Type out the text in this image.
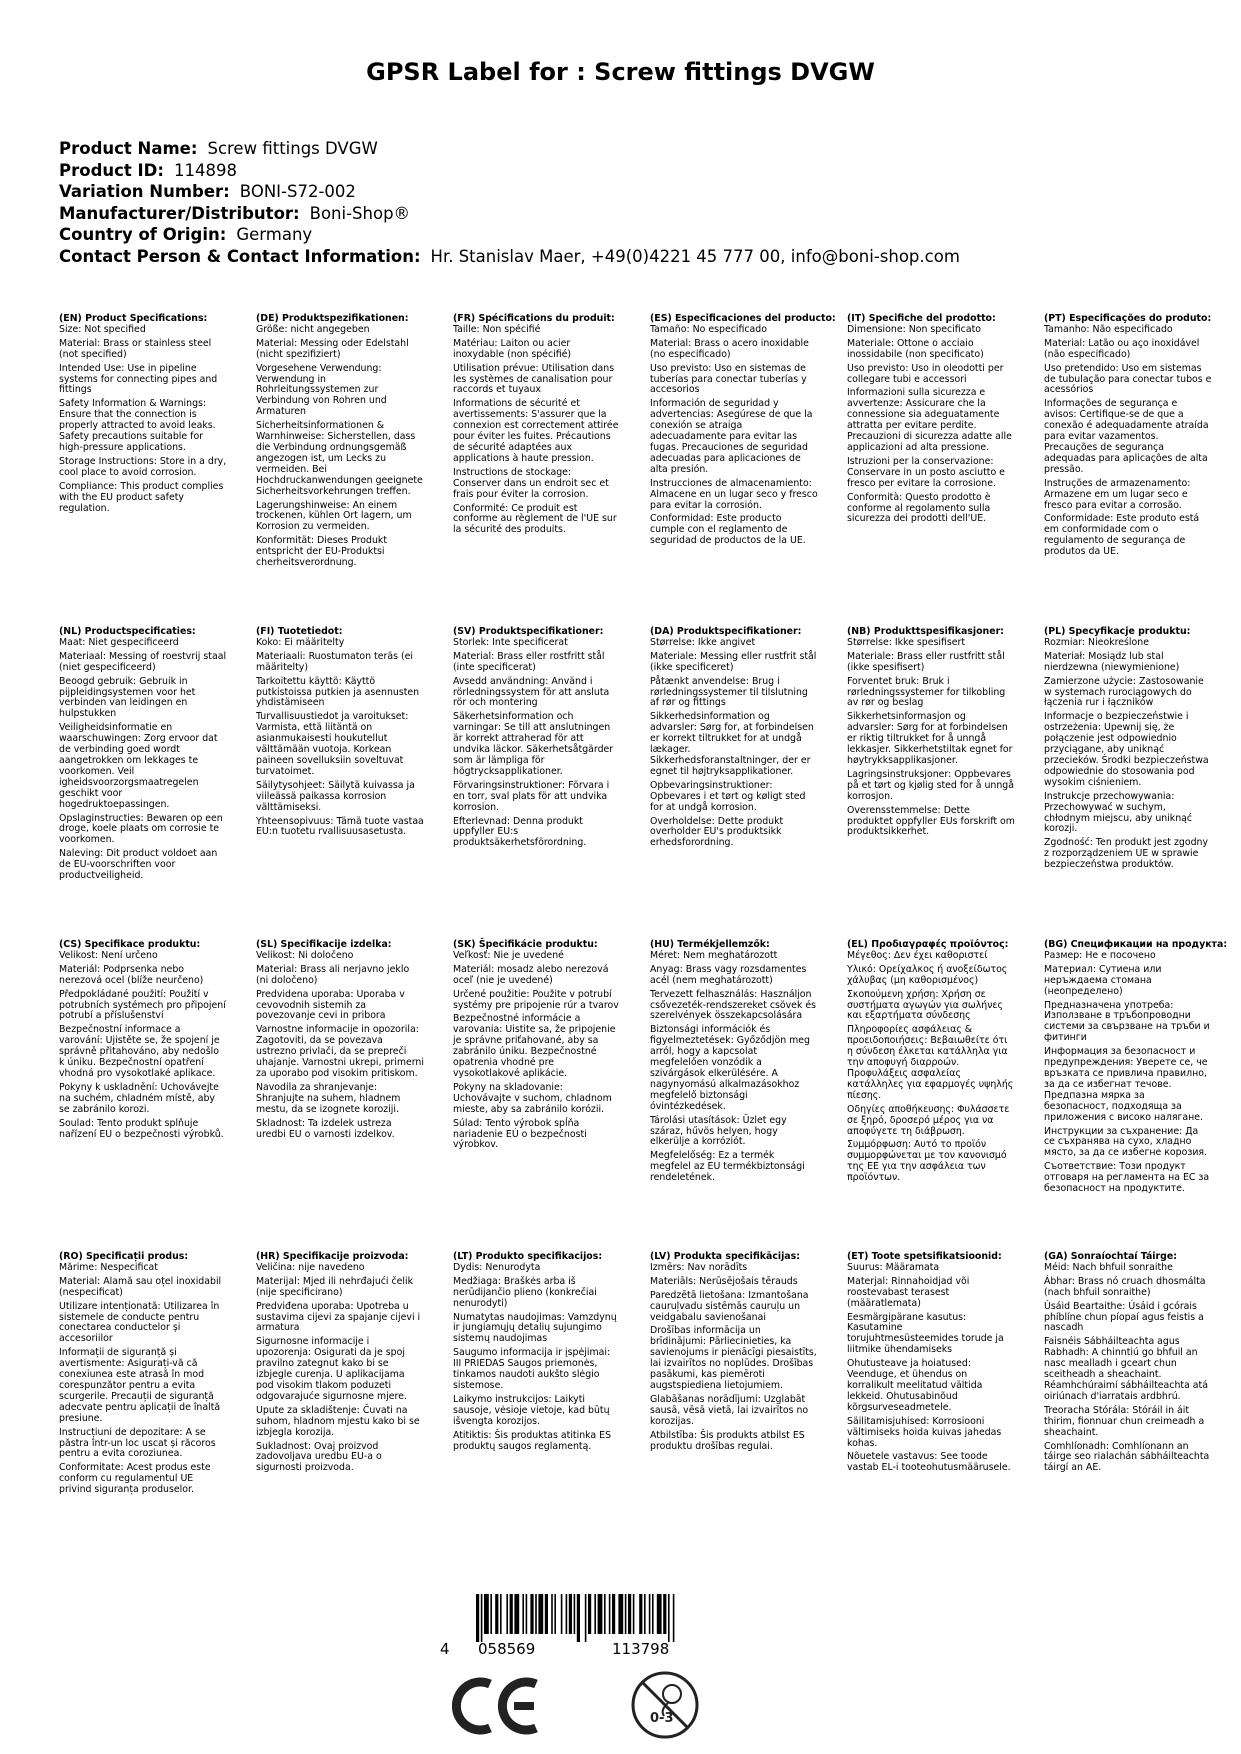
GPSR Label for : Screw fittings DVGW
Product Name: Screw fittings DVGW
Product ID: 114898
Variation Number: BONI-S72-002
Manufacturer/Distributor: Boni-Shop®
Country of Origin: Germany
Contact Person & Contact Information: Hr. Stanislav Maer, +49(0)4221 45 777 00, info@boni-shop.com
(EN) Product Specifications:

Size: Not specified

Material: Brass or stainless steel (not specified)

Intended Use: Use in pipeline systems for connecting pipes and fittings

Safety Information & Warnings: Ensure that the connection is properly attracted to avoid leaks. Safety precautions suitable for high-pressure applications.

Storage Instructions: Store in a dry, cool place to avoid corrosion.

Compliance: This product complies with the EU product safety regulation.

(DE) Produktspezifikationen:

Größe: nicht angegeben

Material: Messing oder Edelstahl (nicht spezifiziert)

Vorgesehene Verwendung: Verwendung in Rohrleitungssystemen zur Verbindung von Rohren und Armaturen

Sicherheitsinformationen & Warnhinweise: Sicherstellen, dass die Verbindung ordnungsgemäß angezogen ist, um Lecks zu vermeiden. Bei Hochdruckanwendungen geeignete Sicherheitsvorkehrungen treffen.

Lagerungshinweise: An einem trockenen, kühlen Ort lagern, um Korrosion zu vermeiden.

Konformität: Dieses Produkt entspricht der EU-Produktsi cherheitsverordnung.

(FR) Spécifications du produit:

Taille: Non spécifié

Matériau: Laiton ou acier inoxydable (non spécifié)

Utilisation prévue: Utilisation dans les systèmes de canalisation pour raccords et tuyaux

Informations de sécurité et avertissements: S'assurer que la connexion est correctement attirée pour éviter les fuites. Précautions de sécurité adaptées aux applications à haute pression.

Instructions de stockage: Conserver dans un endroit sec et frais pour éviter la corrosion.

Conformité: Ce produit est conforme au règlement de l'UE sur la sécurité des produits.

(ES) Especificaciones del producto:

Tamaño: No especificado

Material: Brass o acero inoxidable (no especificado)

Uso previsto: Uso en sistemas de tuberías para conectar tuberías y accesorios

Información de seguridad y advertencias: Asegúrese de que la conexión se atraiga adecuadamente para evitar las fugas. Precauciones de seguridad adecuadas para aplicaciones de alta presión.

Instrucciones de almacenamiento: Almacene en un lugar seco y fresco para evitar la corrosión.

Conformidad: Este producto cumple con el reglamento de seguridad de productos de la UE.

(IT) Specifiche del prodotto:

Dimensione: Non specificato

Materiale: Ottone o acciaio inossidabile (non specificato)

Uso previsto: Uso in oleodotti per collegare tubi e accessori

Informazioni sulla sicurezza e avvertenze: Assicurare che la connessione sia adeguatamente attratta per evitare perdite. Precauzioni di sicurezza adatte alle applicazioni ad alta pressione.

Istruzioni per la conservazione: Conservare in un posto asciutto e fresco per evitare la corrosione.

Conformità: Questo prodotto è conforme al regolamento sulla sicurezza dei prodotti dell'UE.

(PT) Especificações do produto:

Tamanho: Não especificado

Material: Latão ou aço inoxidável (não especificado)

Uso pretendido: Uso em sistemas de tubulação para conectar tubos e acessórios

Informações de segurança e avisos: Certifique-se de que a conexão é adequadamente atraída para evitar vazamentos. Precauções de segurança adequadas para aplicações de alta pressão.

Instruções de armazenamento: Armazene em um lugar seco e fresco para evitar a corrosão.

Conformidade: Este produto está em conformidade com o regulamento de segurança de produtos da UE.

(NL) Productspecificaties:

Maat: Niet gespecificeerd

Materiaal: Messing of roestvrij staal (niet gespecificeerd)

Beoogd gebruik: Gebruik in pijpleidingsystemen voor het verbinden van leidingen en hulpstukken

Veiligheidsinformatie en waarschuwingen: Zorg ervoor dat de verbinding goed wordt aangetrokken om lekkages te voorkomen. Veil igheidsvoorzorgsmaatregelen geschikt voor hogedruktoepassingen.

Opslaginstructies: Bewaren op een droge, koele plaats om corrosie te voorkomen.

Naleving: Dit product voldoet aan de EU-voorschriften voor productveiligheid.

(FI) Tuotetiedot:

Koko: Ei määritelty

Materiaali: Ruostumaton teräs (ei määritelty)

Tarkoitettu käyttö: Käyttö putkistoissa putkien ja asennusten yhdistämiseen

Turvallisuustiedot ja varoitukset: Varmista, että liitäntä on asianmukaisesti houkutellut välttämään vuotoja. Korkean paineen sovelluksiin soveltuvat turvatoimet.

Säilytysohjeet: Säilytä kuivassa ja viileässä paikassa korrosion välttämiseksi.

Yhteensopivuus: Tämä tuote vastaa EU:n tuotetu rvallisuusasetusta.

(SV) Produktspecifikationer:

Storlek: Inte specificerat

Material: Brass eller rostfritt stål (inte specificerat)

Avsedd användning: Använd i rörledningssystem för att ansluta rör och montering

Säkerhetsinformation och varningar: Se till att anslutningen är korrekt attraherad för att undvika läckor. Säkerhetsåtgärder som är lämpliga för högtrycksapplikationer.

Förvaringsinstruktioner: Förvara i en torr, sval plats för att undvika korrosion.

Efterlevnad: Denna produkt uppfyller EU:s produktsäkerhetsförordning.

(DA) Produktspecifikationer:

Størrelse: Ikke angivet

Materiale: Messing eller rustfrit stål (ikke specificeret)

Påtænkt anvendelse: Brug i rørledningssystemer til tilslutning af rør og fittings

Sikkerhedsinformation og advarsler: Sørg for, at forbindelsen er korrekt tiltrukket for at undgå lækager. Sikkerhedsforanstaltninger, der er egnet til højtryksapplikationer.

Opbevaringsinstruktioner: Opbevares i et tørt og køligt sted for at undgå korrosion.

Overholdelse: Dette produkt overholder EU's produktsikk erhedsforordning.

(NB) Produkttspesifikasjoner:

Størrelse: Ikke spesifisert

Materiale: Brass eller rustfritt stål (ikke spesifisert)

Forventet bruk: Bruk i rørledningssystemer for tilkobling av rør og beslag

Sikkerhetsinformasjon og advarsler: Sørg for at forbindelsen er riktig tiltrukket for å unngå lekkasjer. Sikkerhetstiltak egnet for høytrykksapplikasjoner.

Lagringsinstruksjoner: Oppbevares på et tørt og kjølig sted for å unngå korrosjon.

Overensstemmelse: Dette produktet oppfyller EUs forskrift om produktsikkerhet.

(PL) Specyfikacje produktu:

Rozmiar: Nieokreślone

Materiał: Mosiądz lub stal nierdzewna (niewymienione)

Zamierzone użycie: Zastosowanie w systemach rurociągowych do łączenia rur i łączników

Informacje o bezpieczeństwie i ostrzeżenia: Upewnij się, że połączenie jest odpowiednio przyciągane, aby uniknąć przecieków. Środki bezpieczeństwa odpowiednie do stosowania pod wysokim ciśnieniem.

Instrukcje przechowywania: Przechowywać w suchym, chłodnym miejscu, aby uniknąć korozji.

Zgodność: Ten produkt jest zgodny z rozporządzeniem UE w sprawie bezpieczeństwa produktów.

(CS) Specifikace produktu:

Velikost: Není určeno

Materiál: Podprsenka nebo nerezová ocel (blíže neurčeno)

Předpokládané použití: Použití v potrubních systémech pro připojení potrubí a příslušenství

Bezpečnostní informace a varování: Ujistěte se, že spojení je správně přitahováno, aby nedošlo k úniku. Bezpečnostní opatření vhodná pro vysokotlaké aplikace.

Pokyny k uskladnění: Uchovávejte na suchém, chladném místě, aby se zabránilo korozi.

Soulad: Tento produkt splňuje nařízení EU o bezpečnosti výrobků.

(SL) Specifikacije izdelka:

Velikost: Ni določeno

Material: Brass ali nerjavno jeklo (ni določeno)

Predvidena uporaba: Uporaba v cevovodnih sistemih za povezovanje cevi in pribora

Varnostne informacije in opozorila: Zagotoviti, da se povezava ustrezno privlači, da se prepreči uhajanje. Varnostni ukrepi, primerni za uporabo pod visokim pritiskom.

Navodila za shranjevanje: Shranjujte na suhem, hladnem mestu, da se izognete koroziji.

Skladnost: Ta izdelek ustreza uredbi EU o varnosti izdelkov.

(SK) Špecifikácie produktu:

Veľkosť: Nie je uvedené

Materiál: mosadz alebo nerezová oceľ (nie je uvedené)

Určené použitie: Použite v potrubí systémy pre pripojenie rúr a tvarov

Bezpečnostné informácie a varovania: Uistite sa, že pripojenie je správne priťahované, aby sa zabránilo úniku. Bezpečnostné opatrenia vhodné pre vysokotlakové aplikácie.

Pokyny na skladovanie: Uchovávajte v suchom, chladnom mieste, aby sa zabránilo korózii.

Súlad: Tento výrobok spĺňa nariadenie EÚ o bezpečnosti výrobkov.

(HU) Termékjellemzők:

Méret: Nem meghatározott

Anyag: Brass vagy rozsdamentes acél (nem meghatározott)

Tervezett felhasználás: Használjon csővezeték-rendszereket csövek és szerelvények összekapcsolására

Biztonsági információk és figyelmeztetések: Győződjön meg arról, hogy a kapcsolat megfelelően vonzódik a szivárgások elkerülésére. A nagynyomású alkalmazásokhoz megfelelő biztonsági óvintézkedések.

Tárolási utasítások: Üzlet egy száraz, hűvös helyen, hogy elkerülje a korróziót.

Megfelelőség: Ez a termék megfelel az EU termékbiztonsági rendeletének.

(EL) Προδιαγραφές προϊόντος:

Μέγεθος: Δεν έχει καθοριστεί

Υλικό: Ορείχαλκος ή ανοξείδωτος χάλυβας (μη καθορισμένος)

Σκοπούμενη χρήση: Χρήση σε συστήματα αγωγών για σωλήνες και εξαρτήματα σύνδεσης

Πληροφορίες ασφάλειας & προειδοποιήσεις: Βεβαιωθείτε ότι η σύνδεση έλκεται κατάλληλα για την αποφυγή διαρροών. Προφυλάξεις ασφαλείας κατάλληλες για εφαρμογές υψηλής πίεσης.

Οδηγίες αποθήκευσης: Φυλάσσετε σε ξηρό, δροσερό μέρος για να αποφύγετε τη διάβρωση.

Συμμόρφωση: Αυτό το προϊόν συμμορφώνεται με τον κανονισμό της ΕΕ για την ασφάλεια των προϊόντων.

(BG) Спецификации на продукта:

Размер: Не е посочено

Материал: Сутиена или неръждаема стомана (неопределено)

Предназначена употреба: Използване в тръбопроводни системи за свързване на тръби и фитинги

Информация за безопасност и предупреждения: Уверете се, че връзката се привлича правилно, за да се избегнат течове. Предпазна мярка за безопасност, подходяща за приложения с високо налягане.

Инструкции за съхранение: Да се съхранява на сухо, хладно място, за да се избегне корозия.

Съответствие: Този продукт отговаря на регламента на ЕС за безопасност на продуктите.

(RO) Specificații produs:

Mărime: Nespecificat

Material: Alamă sau oțel inoxidabil (nespecificat)

Utilizare intenționată: Utilizarea în sistemele de conducte pentru conectarea conductelor și accesoriilor

Informații de siguranță și avertismente: Asigurați-vă că conexiunea este atrasă în mod corespunzător pentru a evita scurgerile. Precauții de siguranță adecvate pentru aplicații de înaltă presiune.

Instrucțiuni de depozitare: A se păstra într-un loc uscat și răcoros pentru a evita coroziunea.

Conformitate: Acest produs este conform cu regulamentul UE privind siguranța produselor.

(HR) Specifikacije proizvoda:

Veličina: nije navedeno

Materijal: Mjed ili nehrđajući čelik (nije specificirano)

Predviđena uporaba: Upotreba u sustavima cijevi za spajanje cijevi i armatura

Sigurnosne informacije i upozorenja: Osigurati da je spoj pravilno zategnut kako bi se izbjegle curenja. U aplikacijama pod visokim tlakom poduzeti odgovarajuće sigurnosne mjere.

Upute za skladištenje: Čuvati na suhom, hladnom mjestu kako bi se izbjegla korozija.

Sukladnost: Ovaj proizvod zadovoljava uredbu EU-a o sigurnosti proizvoda.

(LT) Produkto specifikacijos:

Dydis: Nenurodyta

Medžiaga: Braškės arba iš nerūdijančio plieno (konkrečiai nenurodyti)

Numatytas naudojimas: Vamzdynų ir jungiamųjų detalių sujungimo sistemų naudojimas

Saugumo informacija ir įspėjimai: III PRIEDAS Saugos priemonės, tinkamos naudoti aukšto slėgio sistemose.

Laikymo instrukcijos: Laikyti sausoje, vėsioje vietoje, kad būtų išvengta korozijos.

Atitiktis: Šis produktas atitinka ES produktų saugos reglamentą.

(LV) Produkta specifikācijas:

Izmērs: Nav norādīts

Materiāls: Nerūsējošais tērauds

Paredzētā lietošana: Izmantošana cauruļvadu sistēmās cauruļu un veidgabalu savienošanai

Drošības informācija un brīdinājumi: Pārliecinieties, ka savienojums ir pienācīgi piesaistīts, lai izvairītos no noplūdes. Drošības pasākumi, kas piemēroti augstspiediena lietojumiem.

Glabāšanas norādījumi: Uzglabāt sausā, vēsā vietā, lai izvairītos no korozijas.

Atbilstība: Šis produkts atbilst ES produktu drošības regulai.

(ET) Toote spetsifikatsioonid:

Suurus: Määramata

Materjal: Rinnahoidjad või roostevabast terasest (määratlemata)

Eesmärgipärane kasutus: Kasutamine torujuhtmesüsteemides torude ja liitmike ühendamiseks

Ohutusteave ja hoiatused: Veenduge, et ühendus on korralikult meelitatud vältida lekkeid. Ohutusabinõud kõrgsurveseadmetele.

Säilitamisjuhised: Korrosiooni vältimiseks hoida kuivas jahedas kohas.

Nõuetele vastavus: See toode vastab EL-i tooteohutusmäärusele.

(GA) Sonraíochtaí Táirge:

Méid: Nach bhfuil sonraithe

Ábhar: Brass nó cruach dhosmálta (nach bhfuil sonraithe)

Úsáid Beartaithe: Úsáid i gcórais phíblíne chun píopaí agus feistis a nascadh

Faisnéis Sábháilteachta agus Rabhadh: A chinntiú go bhfuil an nasc mealladh i gceart chun sceitheadh a sheachaint. Réamhchúraimí sábháilteachta atá oiriúnach d'iarratais ardbhrú.

Treoracha Stórála: Stóráil in áit thirim, fionnuar chun creimeadh a sheachaint.

Comhlíonadh: Comhlíonann an táirge seo rialachán sábháilteachta táirgí an AE.

4 058569	113798
0-3
